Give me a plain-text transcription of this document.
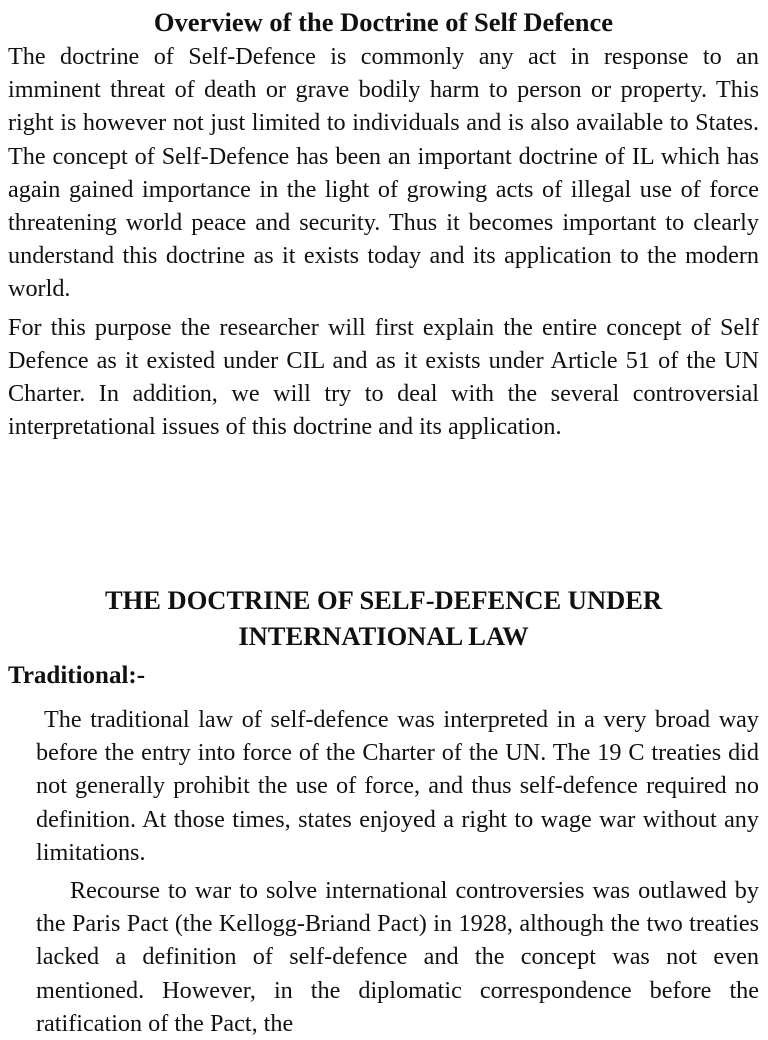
Overview of the Doctrine of Self Defence

The doctrine of Self-Defence is commonly any act in response to an imminent threat of death or grave bodily harm to person or property. This right is however not just limited to individuals and is also available to States. The concept of Self-Defence has been an important doctrine of IL which has again gained importance in the light of growing acts of illegal use of force threatening world peace and security. Thus it becomes important to clearly understand this doctrine as it exists today and its application to the modern world.

For this purpose the researcher will first explain the entire concept of Self Defence as it existed under CIL and as it exists under Article 51 of the UN Charter. In addition, we will try to deal with the several controversial interpretational issues of this doctrine and its application.

THE DOCTRINE OF SELF-DEFENCE UNDER INTERNATIONAL LAW
Traditional:-

The traditional law of self-defence was interpreted in a very broad way before the entry into force of the Charter of the UN. The 19 C treaties did not generally prohibit the use of force, and thus self-defence required no definition. At those times, states enjoyed a right to wage war without any limitations.

Recourse to war to solve international controversies was outlawed by the Paris Pact (the Kellogg-Briand Pact) in 1928, although the two treaties lacked a definition of self-defence and the concept was not even mentioned. However, in the diplomatic correspondence before the ratification of the Pact, the
